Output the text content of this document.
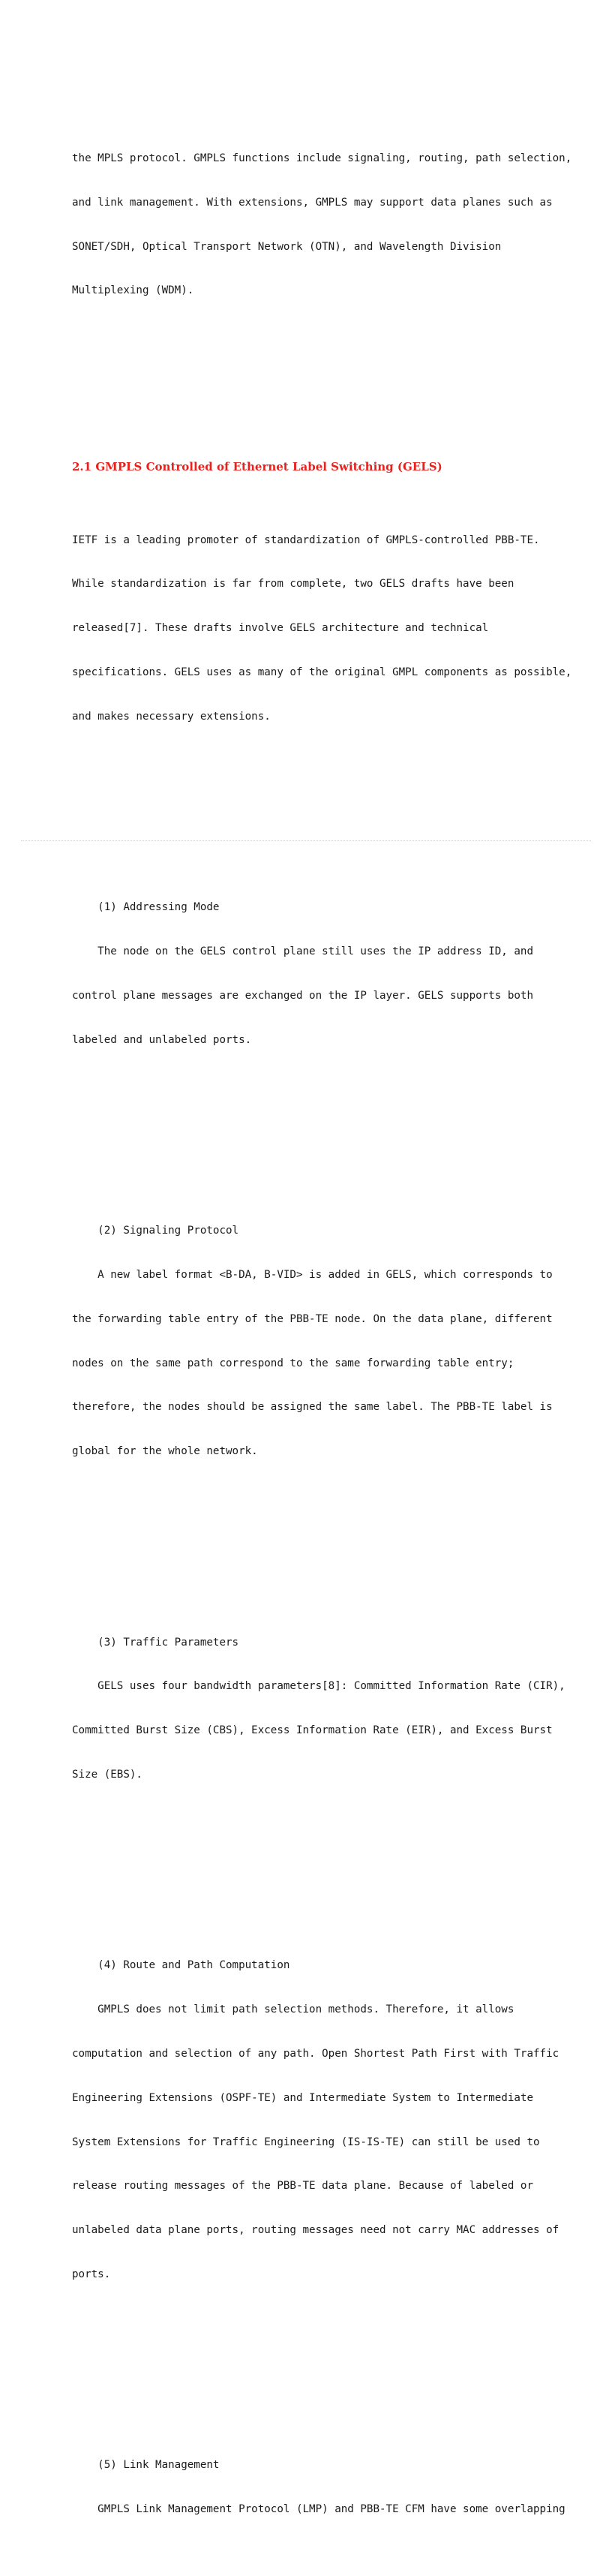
the MPLS protocol. GMPLS functions include signaling, routing, path selection,

and link management. With extensions, GMPLS may support data planes such as

SONET/SDH, Optical Transport Network (OTN), and Wavelength Division

Multiplexing (WDM).

2.1 GMPLS Controlled of Ethernet Label Switching (GELS)

IETF is a leading promoter of standardization of GMPLS-controlled PBB-TE.

While standardization is far from complete, two GELS drafts have been

released[7]. These drafts involve GELS architecture and technical

specifications. GELS uses as many of the original GMPL components as possible,

and makes necessary extensions.

(1) Addressing Mode

The node on the GELS control plane still uses the IP address ID, and

control plane messages are exchanged on the IP layer. GELS supports both

labeled and unlabeled ports.

(2) Signaling Protocol

A new label format <B-DA, B-VID> is added in GELS, which corresponds to

the forwarding table entry of the PBB-TE node. On the data plane, different

nodes on the same path correspond to the same forwarding table entry;

therefore, the nodes should be assigned the same label. The PBB-TE label is

global for the whole network.

(3) Traffic Parameters

GELS uses four bandwidth parameters[8]: Committed Information Rate (CIR),

Committed Burst Size (CBS), Excess Information Rate (EIR), and Excess Burst

Size (EBS).

(4) Route and Path Computation

GMPLS does not limit path selection methods. Therefore, it allows

computation and selection of any path. Open Shortest Path First with Traffic

Engineering Extensions (OSPF-TE) and Intermediate System to Intermediate

System Extensions for Traffic Engineering (IS-IS-TE) can still be used to

release routing messages of the PBB-TE data plane. Because of labeled or

unlabeled data plane ports, routing messages need not carry MAC addresses of

ports.

(5) Link Management

GMPLS Link Management Protocol (LMP) and PBB-TE CFM have some overlapping
